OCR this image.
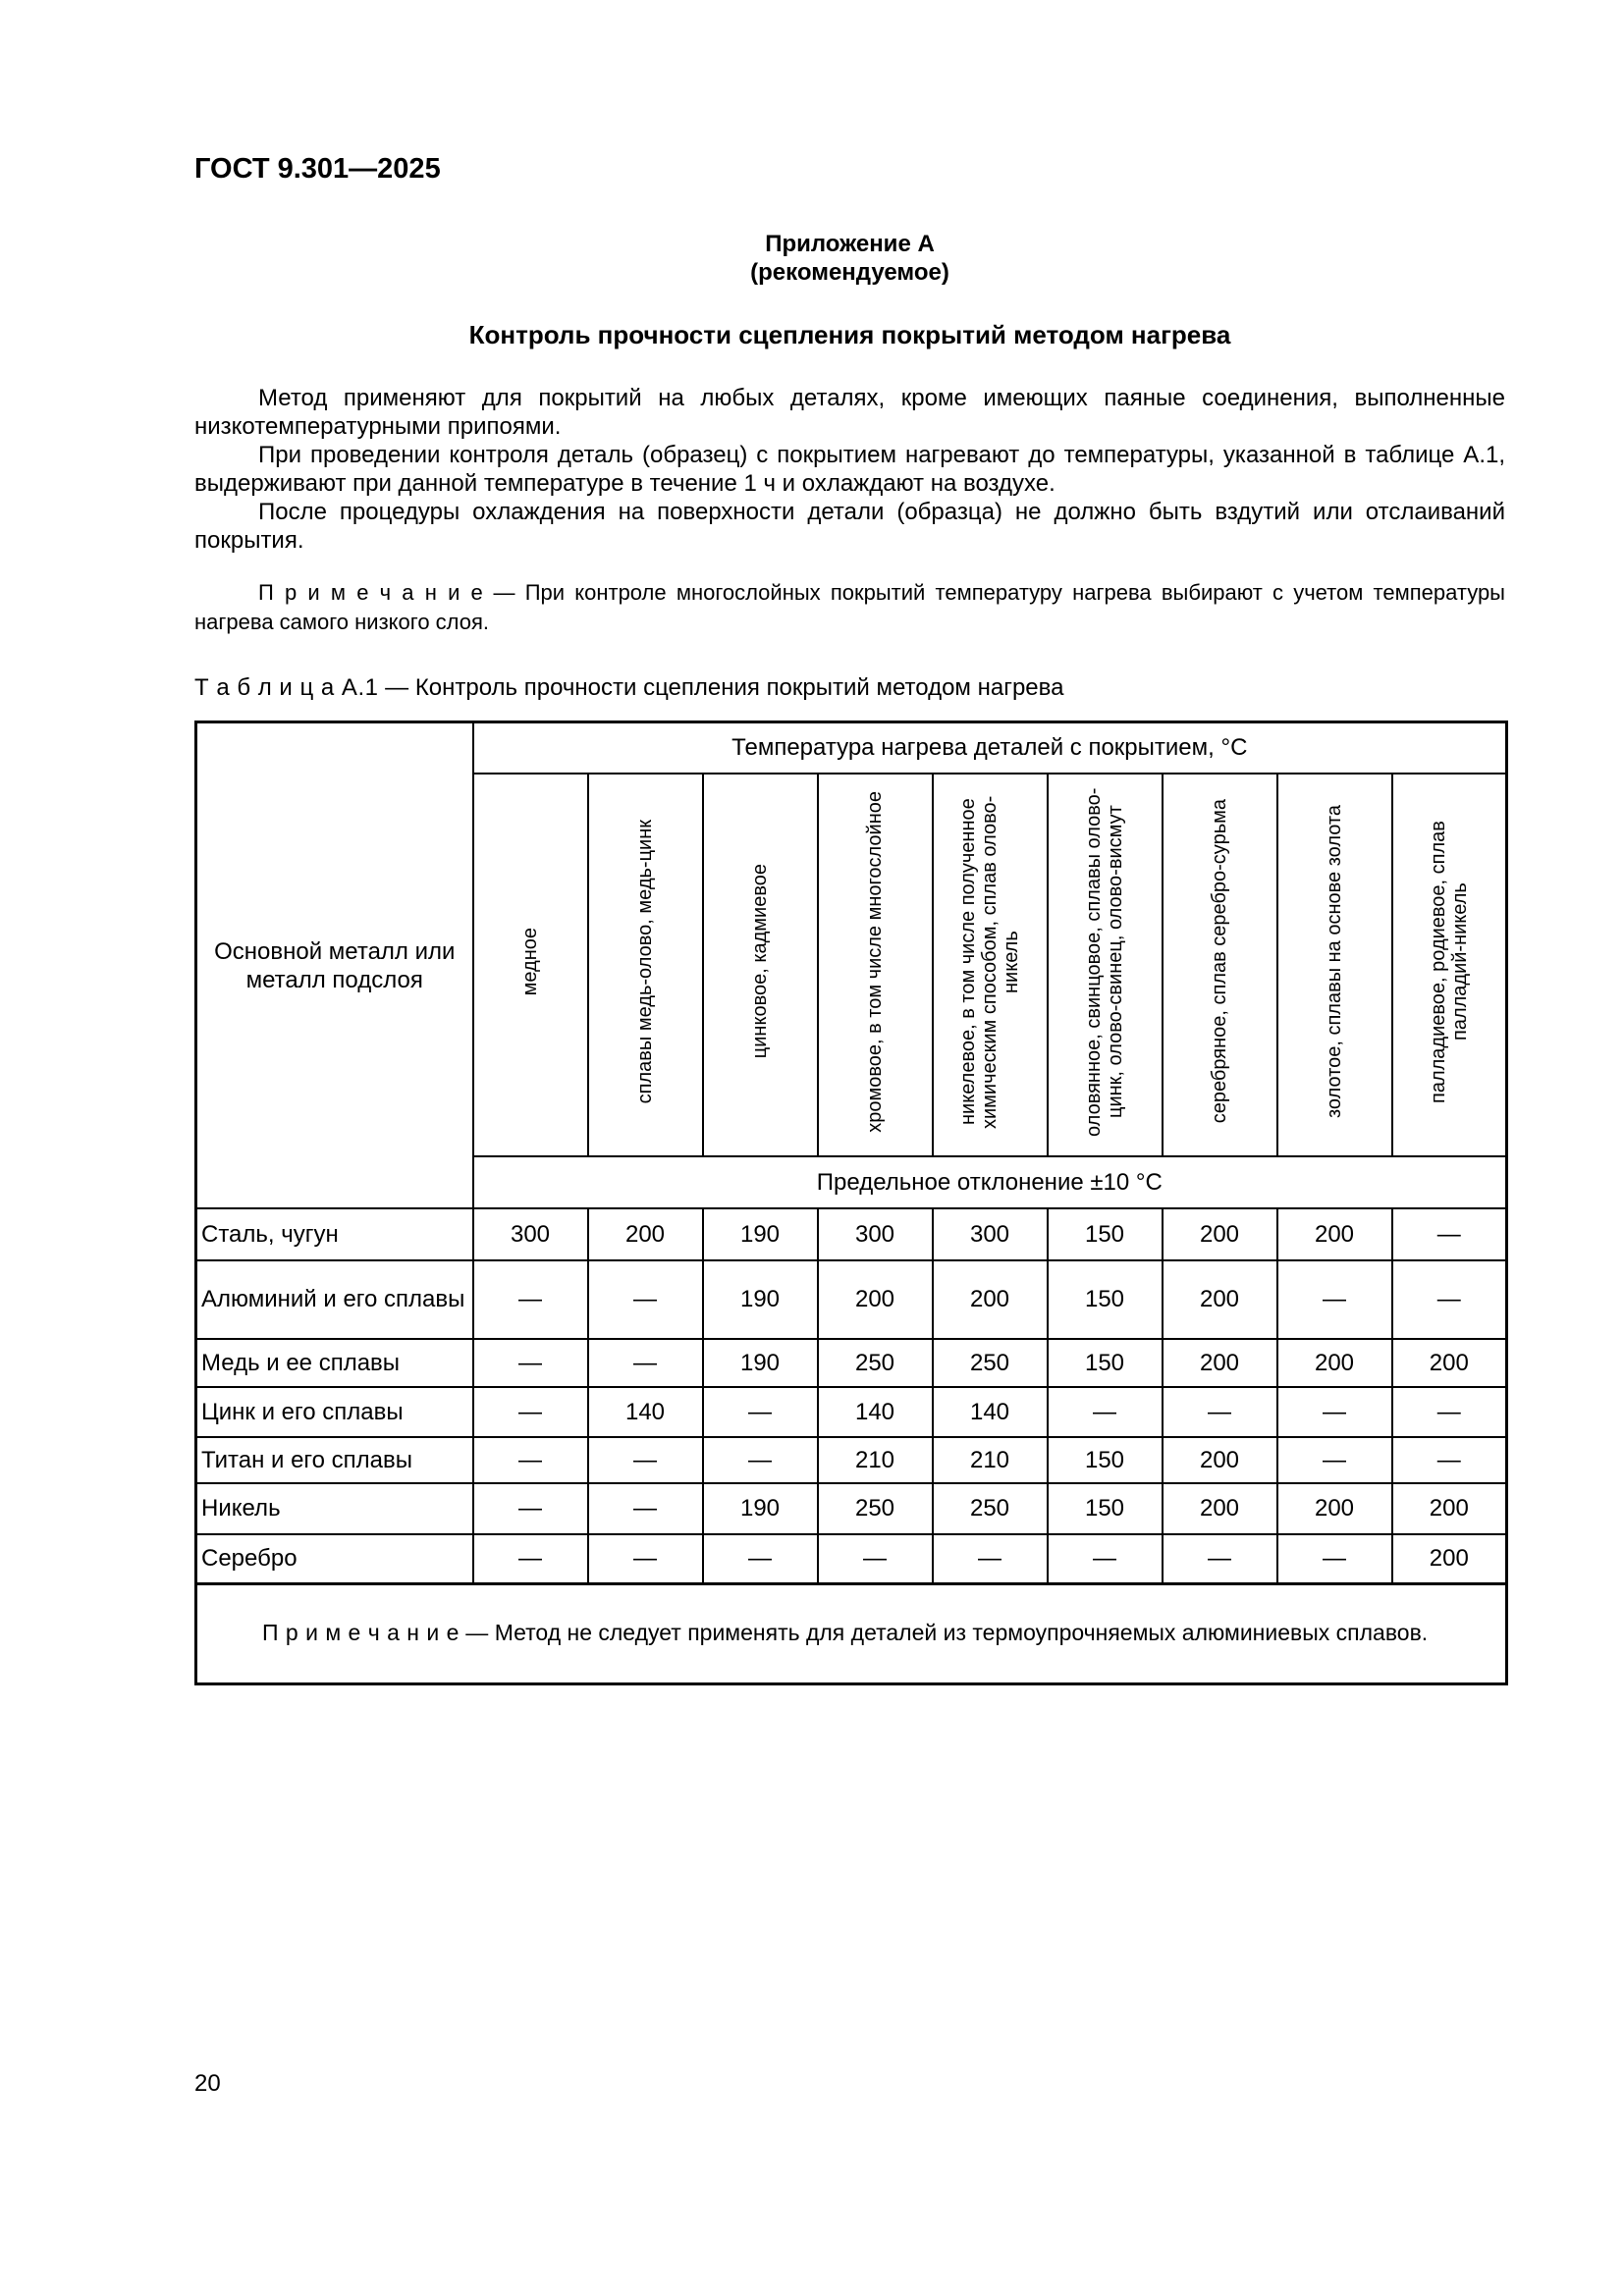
ГОСТ 9.301—2025

Приложение А

(рекомендуемое)

Контроль прочности сцепления покрытий методом нагрева

Метод применяют для покрытий на любых деталях, кроме имеющих паяные соединения, выполненные низкотемпературными припоями.

При проведении контроля деталь (образец) с покрытием нагревают до температуры, указанной в таблице А.1, выдерживают при данной температуре в течение 1 ч и охлаждают на воздухе.

После процедуры охлаждения на поверхности детали (образца) не должно быть вздутий или отслаиваний покрытия.

П р и м е ч а н и е — При контроле многослойных покрытий температуру нагрева выбирают с учетом температуры нагрева самого низкого слоя.

Т а б л и ц а А.1 — Контроль прочности сцепления покрытий методом нагрева

Основной металл или металл подслоя	Температура нагрева деталей с покрытием, °С								
	медное	сплавы медь-олово, медь-цинк	цинковое, кадмиевое	хромовое, в том числе многослойное	никелевое, в том числе полученное химическим способом, сплав олово-никель	оловянное, свинцовое, сплавы олово-цинк, олово-свинец, олово-висмут	серебряное, сплав серебро-сурьма	золотое, сплавы на основе золота	палладиевое, родиевое, сплав палладий-никель
	Предельное отклонение ±10 °С								
Сталь, чугун	300	200	190	300	300	150	200	200	—
Алюминий и его сплавы	—	—	190	200	200	150	200	—	—
Медь и ее сплавы	—	—	190	250	250	150	200	200	200
Цинк и его сплавы	—	140	—	140	140	—	—	—	—
Титан и его сплавы	—	—	—	210	210	150	200	—	—
Никель	—	—	190	250	250	150	200	200	200
Серебро	—	—	—	—	—	—	—	—	200

П р и м е ч а н и е — Метод не следует применять для деталей из термоупрочняемых алюминиевых сплавов.									

20
